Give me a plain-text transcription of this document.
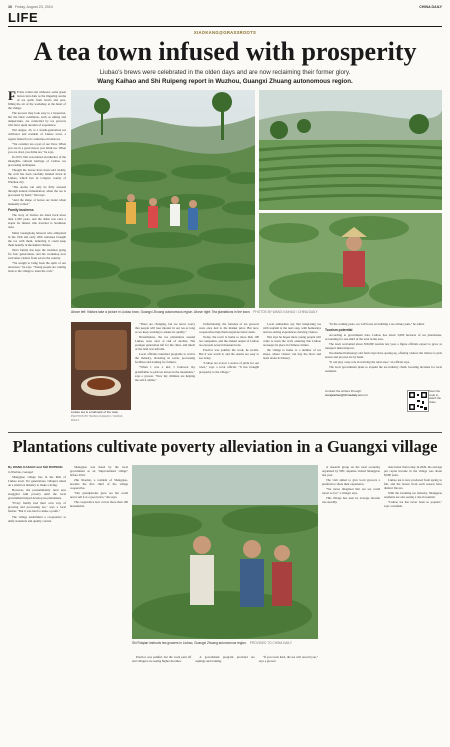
10 Friday, August 23, 2024	CHINA DAILY
LIFE
XIAOKANG@GRASSROOTS
A tea town infused with prosperity
Liubao's brews were celebrated in the olden days and are now reclaiming their former glory.
Wang Kaihao and Shi Ruipeng report in Wuzhou, Guangxi Zhuang autonomous region.

F Fried, rolled and withered, some green leaves turn dark as the lingering aroma of tea spills from bowls and pots, filling the air of the workshop at the heart of the village.

The process may look easy to a layperson, but the ideal conditions, such as timing and temperature, are controlled by tea growers who have spent decades of experience.

Wei Angua, 45, is a fourth-generation tea cultivator and resident of Liubao town, a region famed for its centuries-old dark tea.

"We consider tea a part of our lives. When you are in a good mood, you drink tea. When you are tired, you drink tea," he says.

In 2013, Wei was named an inheritor of the intangible cultural heritage of Liubao tea processing techniques.

Though the leaves have been sold widely, the craft has been carefully handed down in Liubao, which lies in Cangwu county of Wuzhou city.

"The aroma can only be fully aroused through natural fermentation, when the tea is processed by hand," Wei says.

"And the shape of leaves are better when manually rolled."

Family business

The story of Liubao tea dates back more than 1,500 years, and the drink was once a staple for miners who traveled to Southeast Asia.

Many Guangdong laborers who emigrated in the 19th and early 20th centuries brought the tea with them, believing it could keep them healthy in the humid climate.

Wei's family has kept the tradition going for four generations, and his workshop now welcomes visitors from across the country.

"We sought to bring back the spirit of our ancestors," he says. "Young people are coming back to the village to learn the craft."

Above left: Visitors take a picture in Liubao town, Guangxi Zhuang autonomous region. Above right: Tea plantations in the town. PHOTOS BY WANG KAIHAO / CHINA DAILY
Liubao tea is a hallmark of the town. PHOTOS BY WANG KAIHAO / CHINA DAILY

"There are changing, but we never worry that people will lose interest in our tea as long as we keep working to ensure its quality."

Nevertheless, the tea plantations around Liubao were once at risk of decline. The younger generation left for the cities, and much of the land was left idle.

Local officials launched programs to revive the industry, investing in roads, processing facilities and training for farmers.

"When I was a kid, I followed my grandfather to pick tea leaves in the mountains," says a grower. "Now my children are helping me sell it online."

Unfortunately, the fortunes of tea growers were once tied to the market price. But now, cooperatives help them negotiate better deals.

Today, the town is home to more than 100 tea companies, and the annual output of Liubao tea exceeds several thousand tons.

Practice was painful, the work, he recalls. But it was worth it, and the results are easy to see today.

"Liubao tea is now a source of pride for our town," says a local official. "It has brought prosperity to the village."

Local authorities say that integrating tea with tourism is the next step, with homestays and tea-tasting experiences drawing visitors.

Wei says he hopes more young people will come to learn the craft, ensuring that Liubao tea keeps its place in Chinese culture.

the village is home to a number of tea shops, where visitors can buy the brew and learn about its history.

"In the coming years, we will focus on building a tea culture park," he added.

Tourism potential

According to government data, Liubao has about 3,000 hectares of tea plantations, accounting for one-third of the total in the area.

The town welcomed about 500,000 tourists last year, a figure officials expect to grow as transport links improve.

Tea-themed homestays and farm stays have sprung up, offering visitors the chance to pick leaves and process tea by hand.

"It can play a key role in reviving the rural area," an official says.

The local government plans to expand the tea industry chain, boosting incomes for local residents.

Contact the writers through:
wangkaihao@chinadaily.com.cn
Scan the code to watch the video.
Plantations cultivate poverty alleviation in a Guangxi village

By WANG KAIHAO and SHI RUIPENG

in Wuzhou, Guangxi

Shangqiao village lies in the hills of Liubao town. For generations, villagers relied on a small tea industry to make a living.

However, the predominantly rural area struggled with poverty until the local government helped develop tea plantations.

"Every family had their own way of growing and processing tea," says a local farmer. "But it was hard to make a profit."

The village established a cooperative to unify standards and quality control.

Shangqiao was listed by the local government as an "impoverished village" before 2016.

Zhu Xiaolan, a resident of Shangqiao, became the first chief of the village cooperative.

"Our grandparents grew tea but could never sell it at a good price," she says.

The cooperative now covers more than 100 households.

Shi Ruiqian instructs tea growers in Liubao, Guangxi Zhuang autonomous region. PROVIDED TO CHINA DAILY

Practice was painful, but the work paid off and villagers are seeing higher incomes.

A government program provided tea saplings and training.

"If you work hard, the tea will reward you," says a grower.

A research group on the rural economy organized by NPC deputies visited Shangqiao last year.

The visit aimed to give local growers a platform to share their experience.

"We never imagined that our tea could travel so far," a villager says.

This village has seen its average income rise steadily.

taste better than today. In 2020, the average per capita income in the village was about 8,000 yuan.

Liubao tea is now produced from spring to fall, and the leaves from each season have distinct flavors.

With the booming tea industry, Shangqiao residents are also seeing a rise in tourism.

"Liubao tea has never been so popular," says a resident.
